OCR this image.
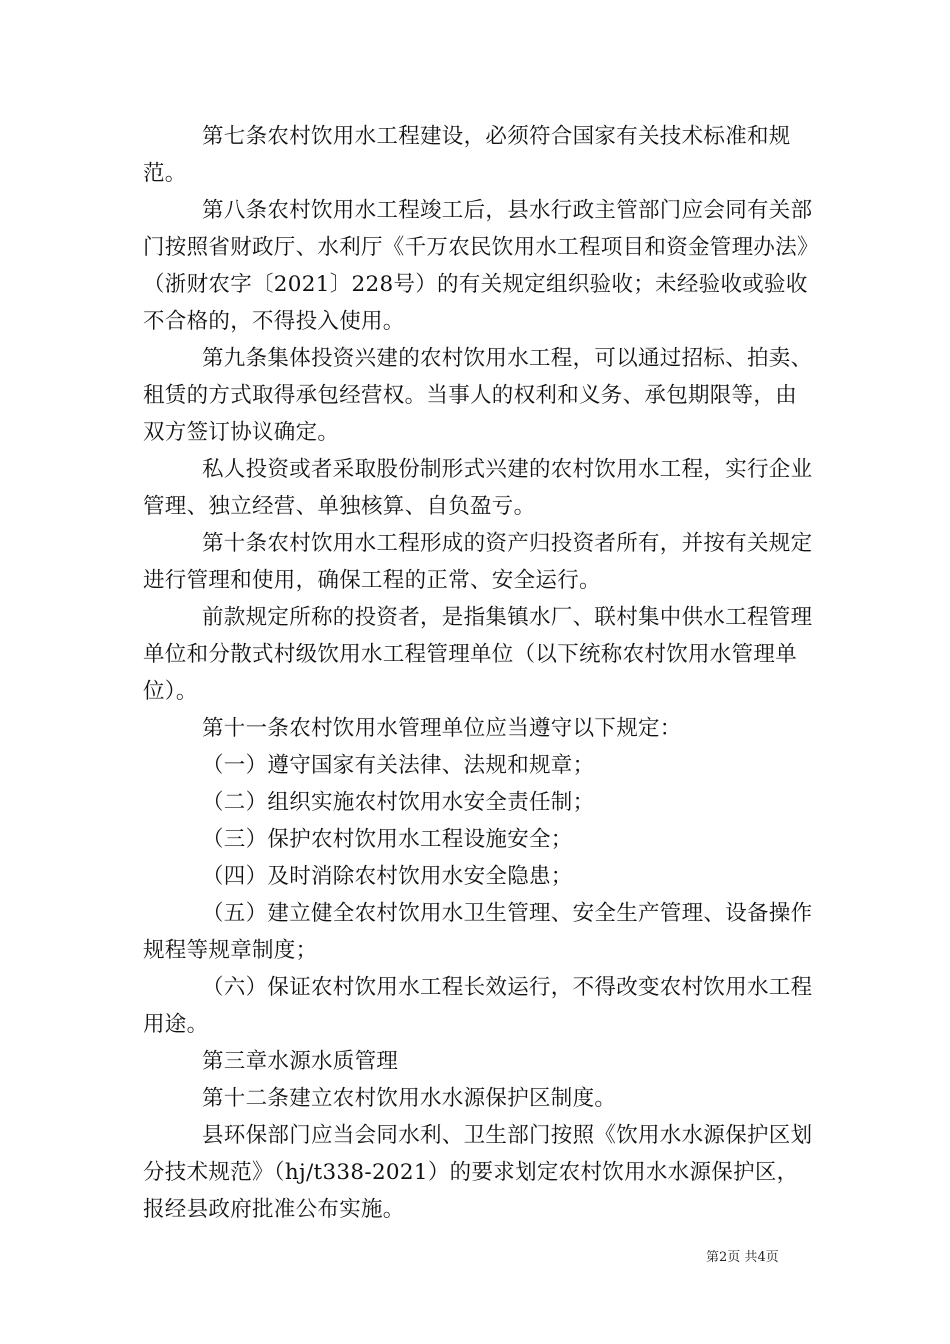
第七条农村饮用水工程建设，必须符合国家有关技术标准和规范。

第八条农村饮用水工程竣工后，县水行政主管部门应会同有关部门按照省财政厅、水利厅《千万农民饮用水工程项目和资金管理办法》（浙财农字〔2021〕228号）的有关规定组织验收；未经验收或验收不合格的，不得投入使用。

第九条集体投资兴建的农村饮用水工程，可以通过招标、拍卖、租赁的方式取得承包经营权。当事人的权利和义务、承包期限等，由双方签订协议确定。

私人投资或者采取股份制形式兴建的农村饮用水工程，实行企业管理、独立经营、单独核算、自负盈亏。

第十条农村饮用水工程形成的资产归投资者所有，并按有关规定进行管理和使用，确保工程的正常、安全运行。

前款规定所称的投资者，是指集镇水厂、联村集中供水工程管理单位和分散式村级饮用水工程管理单位（以下统称农村饮用水管理单位）。

第十一条农村饮用水管理单位应当遵守以下规定：

（一）遵守国家有关法律、法规和规章；

（二）组织实施农村饮用水安全责任制；

（三）保护农村饮用水工程设施安全；

（四）及时消除农村饮用水安全隐患；

（五）建立健全农村饮用水卫生管理、安全生产管理、设备操作规程等规章制度；

（六）保证农村饮用水工程长效运行，不得改变农村饮用水工程用途。

第三章水源水质管理

第十二条建立农村饮用水水源保护区制度。

县环保部门应当会同水利、卫生部门按照《饮用水水源保护区划分技术规范》（hj/t338-2021）的要求划定农村饮用水水源保护区，报经县政府批准公布实施。

第2页 共4页
